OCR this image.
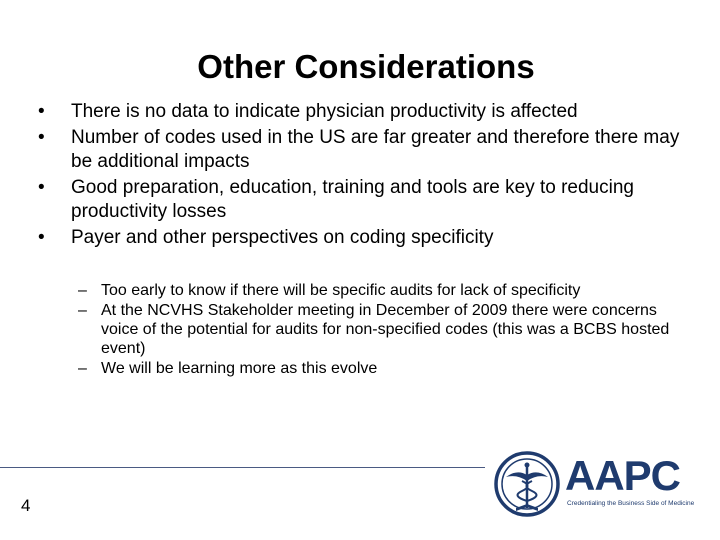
Other Considerations
• There is no data to indicate physician productivity is affected
• Number of codes used in the US are far greater and therefore there may be additional impacts
• Good preparation, education, training and tools are key to reducing productivity losses
• Payer and other perspectives on coding specificity
– Too early to know if there will be specific audits for lack of specificity
– At the NCVHS Stakeholder meeting in December of 2009 there were concerns voice of the potential for audits for non-specified codes (this was a BCBS hosted event)
– We will be learning more as this evolve
4
AAPC
Credentialing the Business Side of Medicine
